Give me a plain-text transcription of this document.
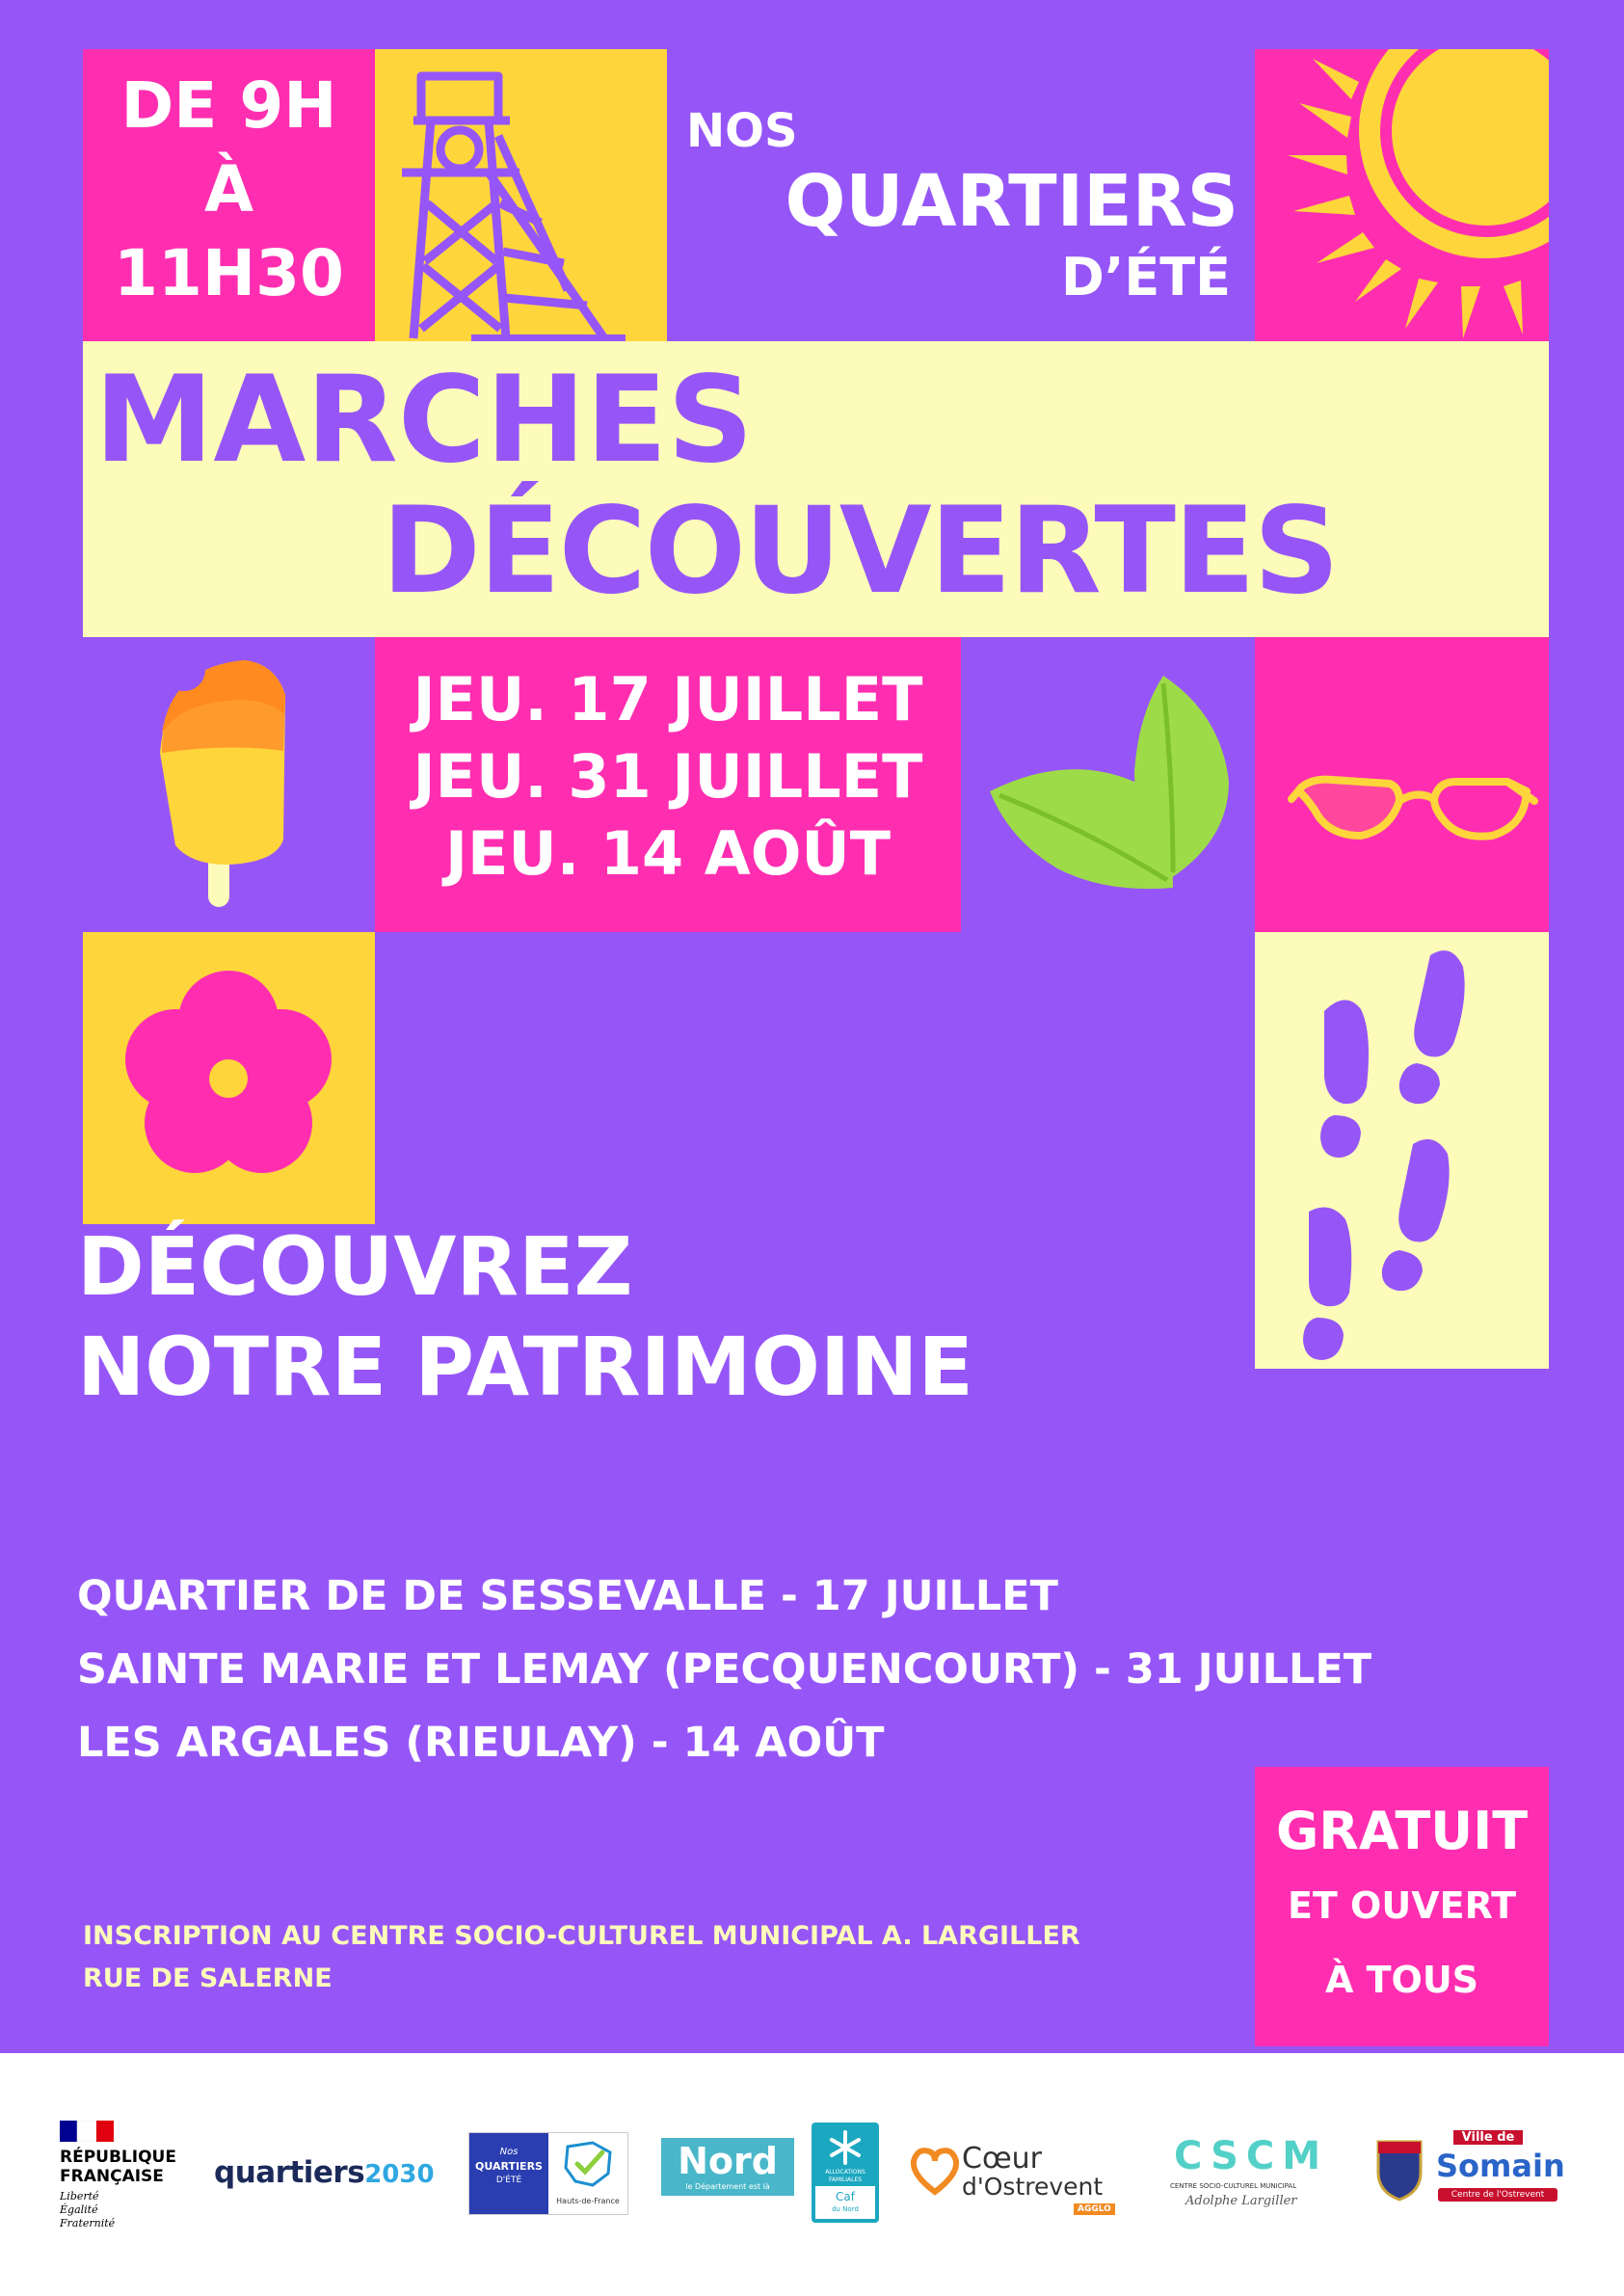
DE 9H
À
11H30
NOS
QUARTIERS
D’ÉTÉ
MARCHES
DÉCOUVERTES
JEU. 17 JUILLET
JEU. 31 JUILLET
JEU. 14 AOÛT
DÉCOUVREZ
NOTRE PATRIMOINE
QUARTIER DE DE SESSEVALLE - 17 JUILLET
SAINTE MARIE ET LEMAY (PECQUENCOURT) - 31 JUILLET
LES ARGALES (RIEULAY) - 14 AOÛT
GRATUIT
ET OUVERT
À TOUS
INSCRIPTION AU CENTRE SOCIO-CULTUREL MUNICIPAL A. LARGILLER
RUE DE SALERNE
RÉPUBLIQUE
FRANÇAISE
Liberté
Égalité
Fraternité
quartiers2030
Nos
QUARTIERS
D'ÉTÉ
Hauts-de-France
Nord
le Département est là
ALLOCATIONS
FAMILIALES
Caf
du Nord
Cœur
d'Ostrevent
AGGLO
CSCM
CENTRE SOCIO-CULTUREL MUNICIPAL
Adolphe Largiller
Ville de
Somain
Centre de l'Ostrevent
